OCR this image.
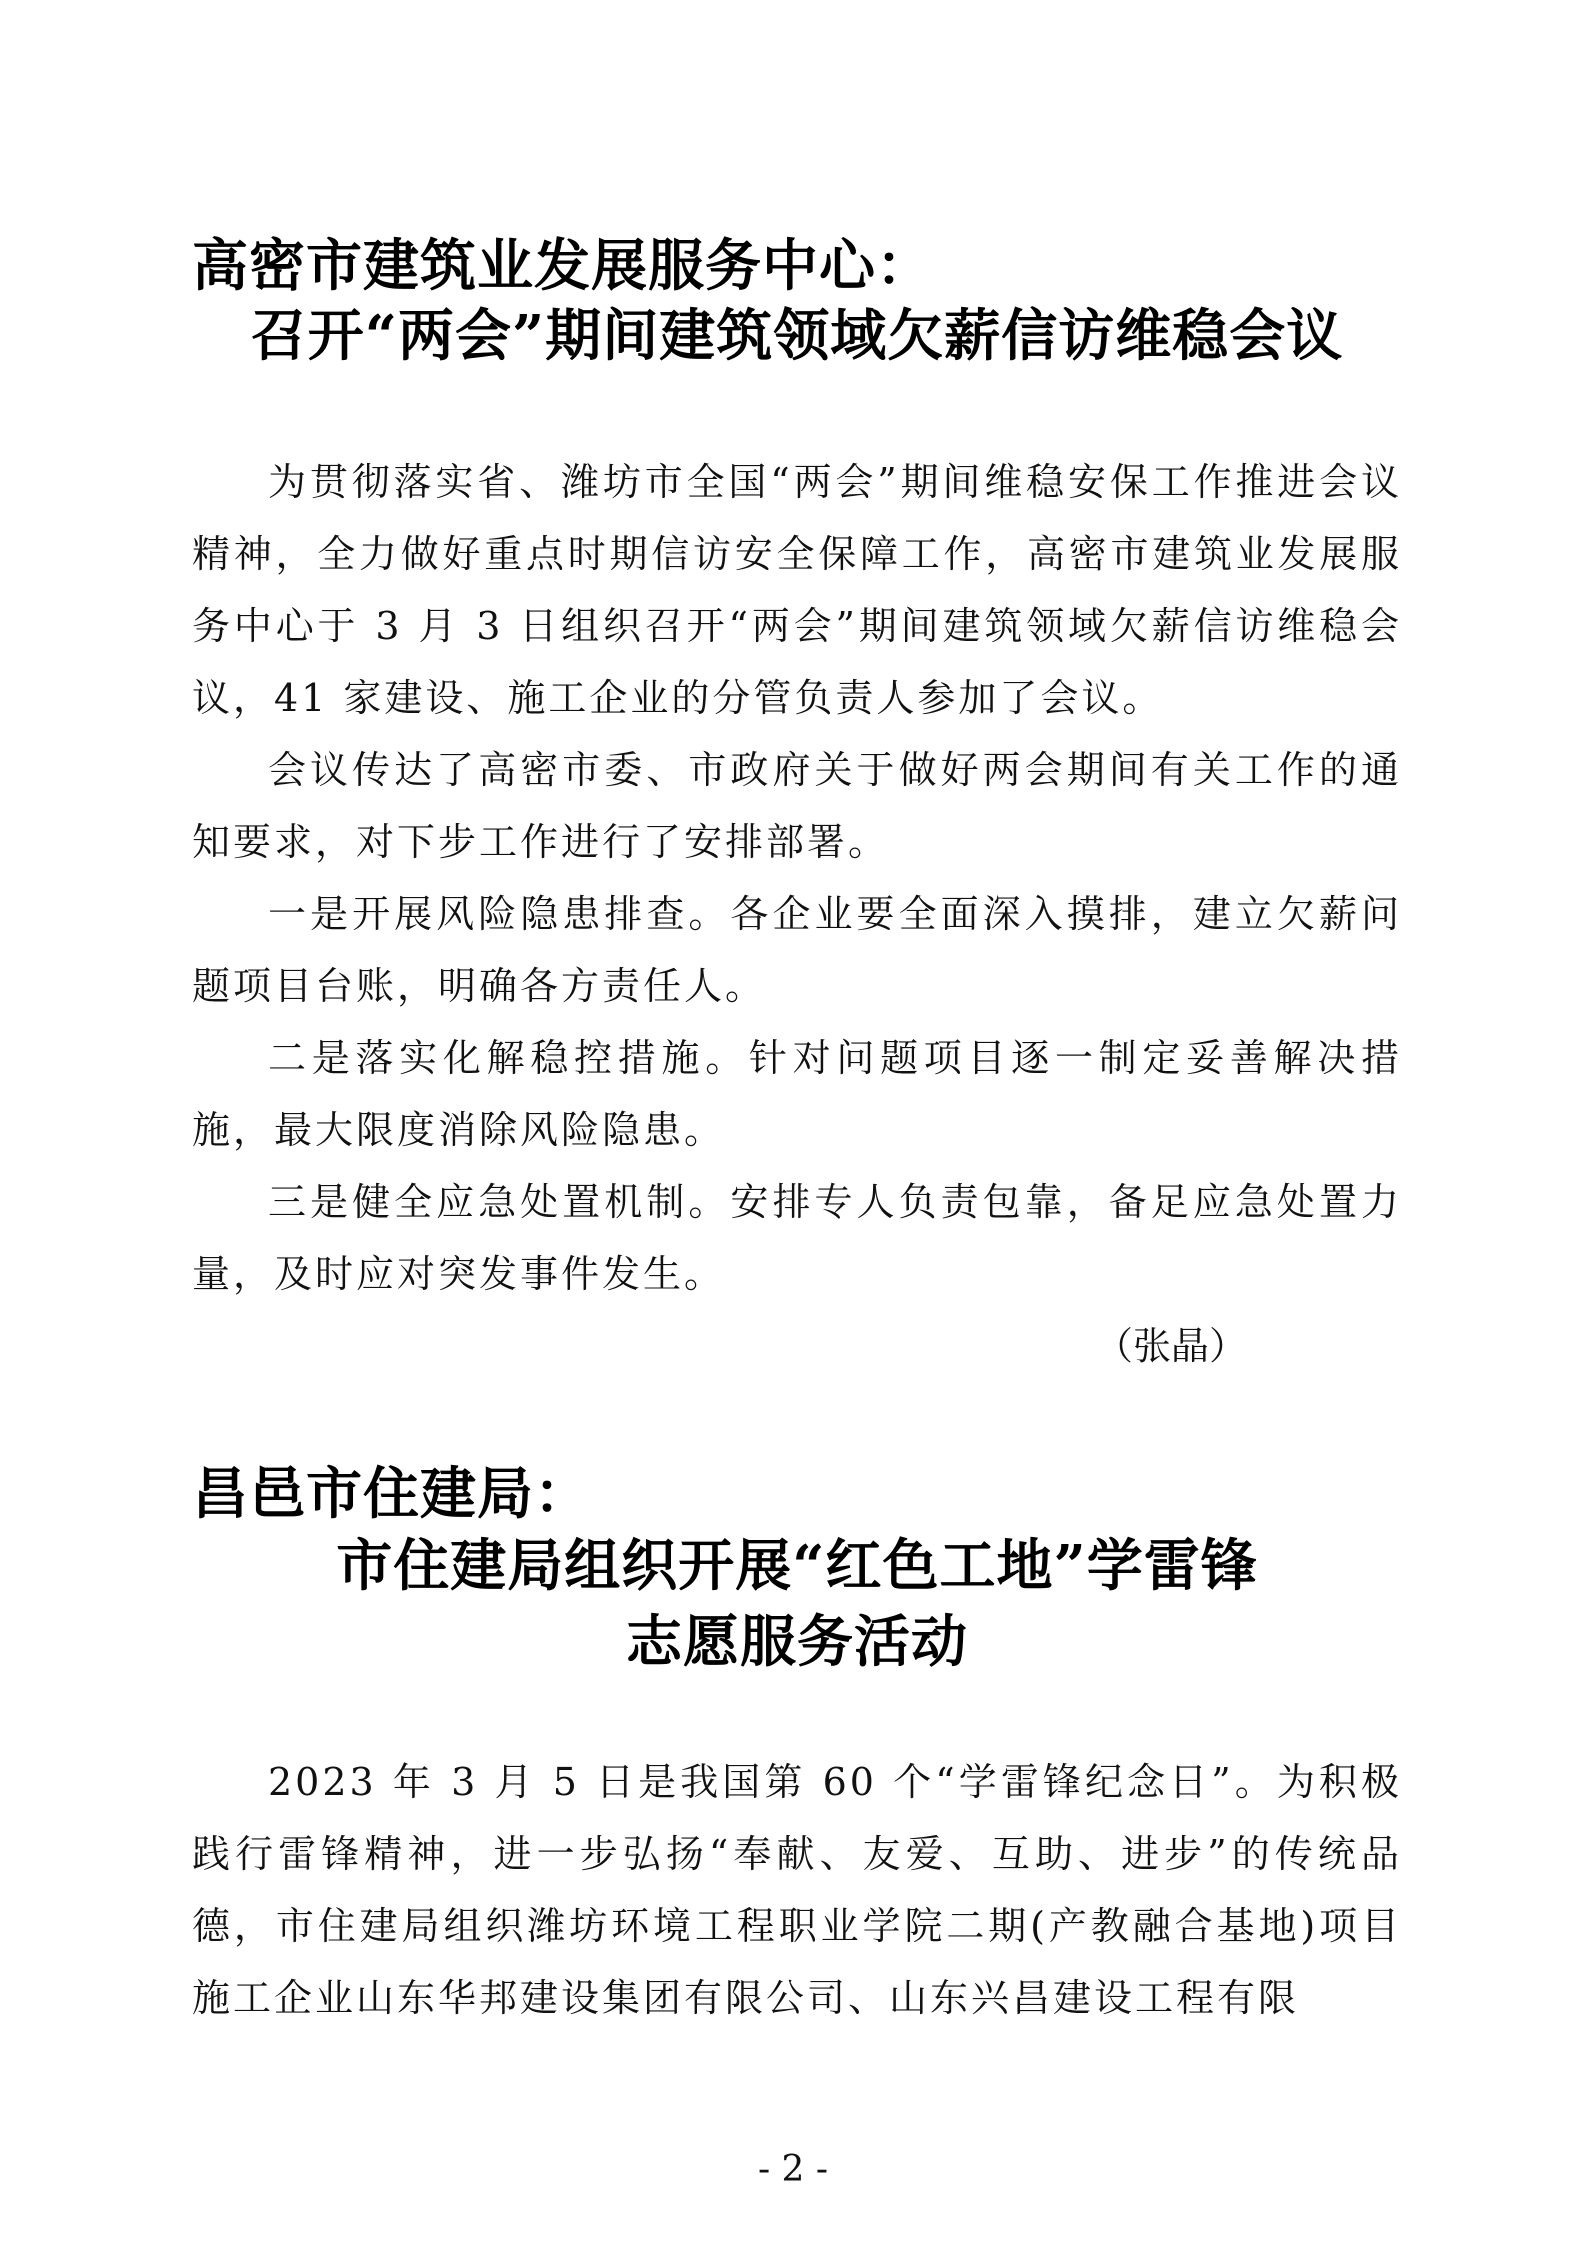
高密市建筑业发展服务中心：
召开“两会”期间建筑领域欠薪信访维稳会议

为贯彻落实省、潍坊市全国“两会”期间维稳安保工作推进会议精神，全力做好重点时期信访安全保障工作，高密市建筑业发展服务中心于 3 月 3 日组织召开“两会”期间建筑领域欠薪信访维稳会议，41 家建设、施工企业的分管负责人参加了会议。

会议传达了高密市委、市政府关于做好两会期间有关工作的通知要求，对下步工作进行了安排部署。

一是开展风险隐患排查。各企业要全面深入摸排，建立欠薪问题项目台账，明确各方责任人。

二是落实化解稳控措施。针对问题项目逐一制定妥善解决措施，最大限度消除风险隐患。

三是健全应急处置机制。安排专人负责包靠，备足应急处置力量，及时应对突发事件发生。

（张晶）
昌邑市住建局：
市住建局组织开展“红色工地”学雷锋
志愿服务活动

2023 年 3 月 5 日是我国第 60 个“学雷锋纪念日”。为积极践行雷锋精神，进一步弘扬“奉献、友爱、互助、进步”的传统品德，市住建局组织潍坊环境工程职业学院二期(产教融合基地)项目施工企业山东华邦建设集团有限公司、山东兴昌建设工程有限

- 2 -
